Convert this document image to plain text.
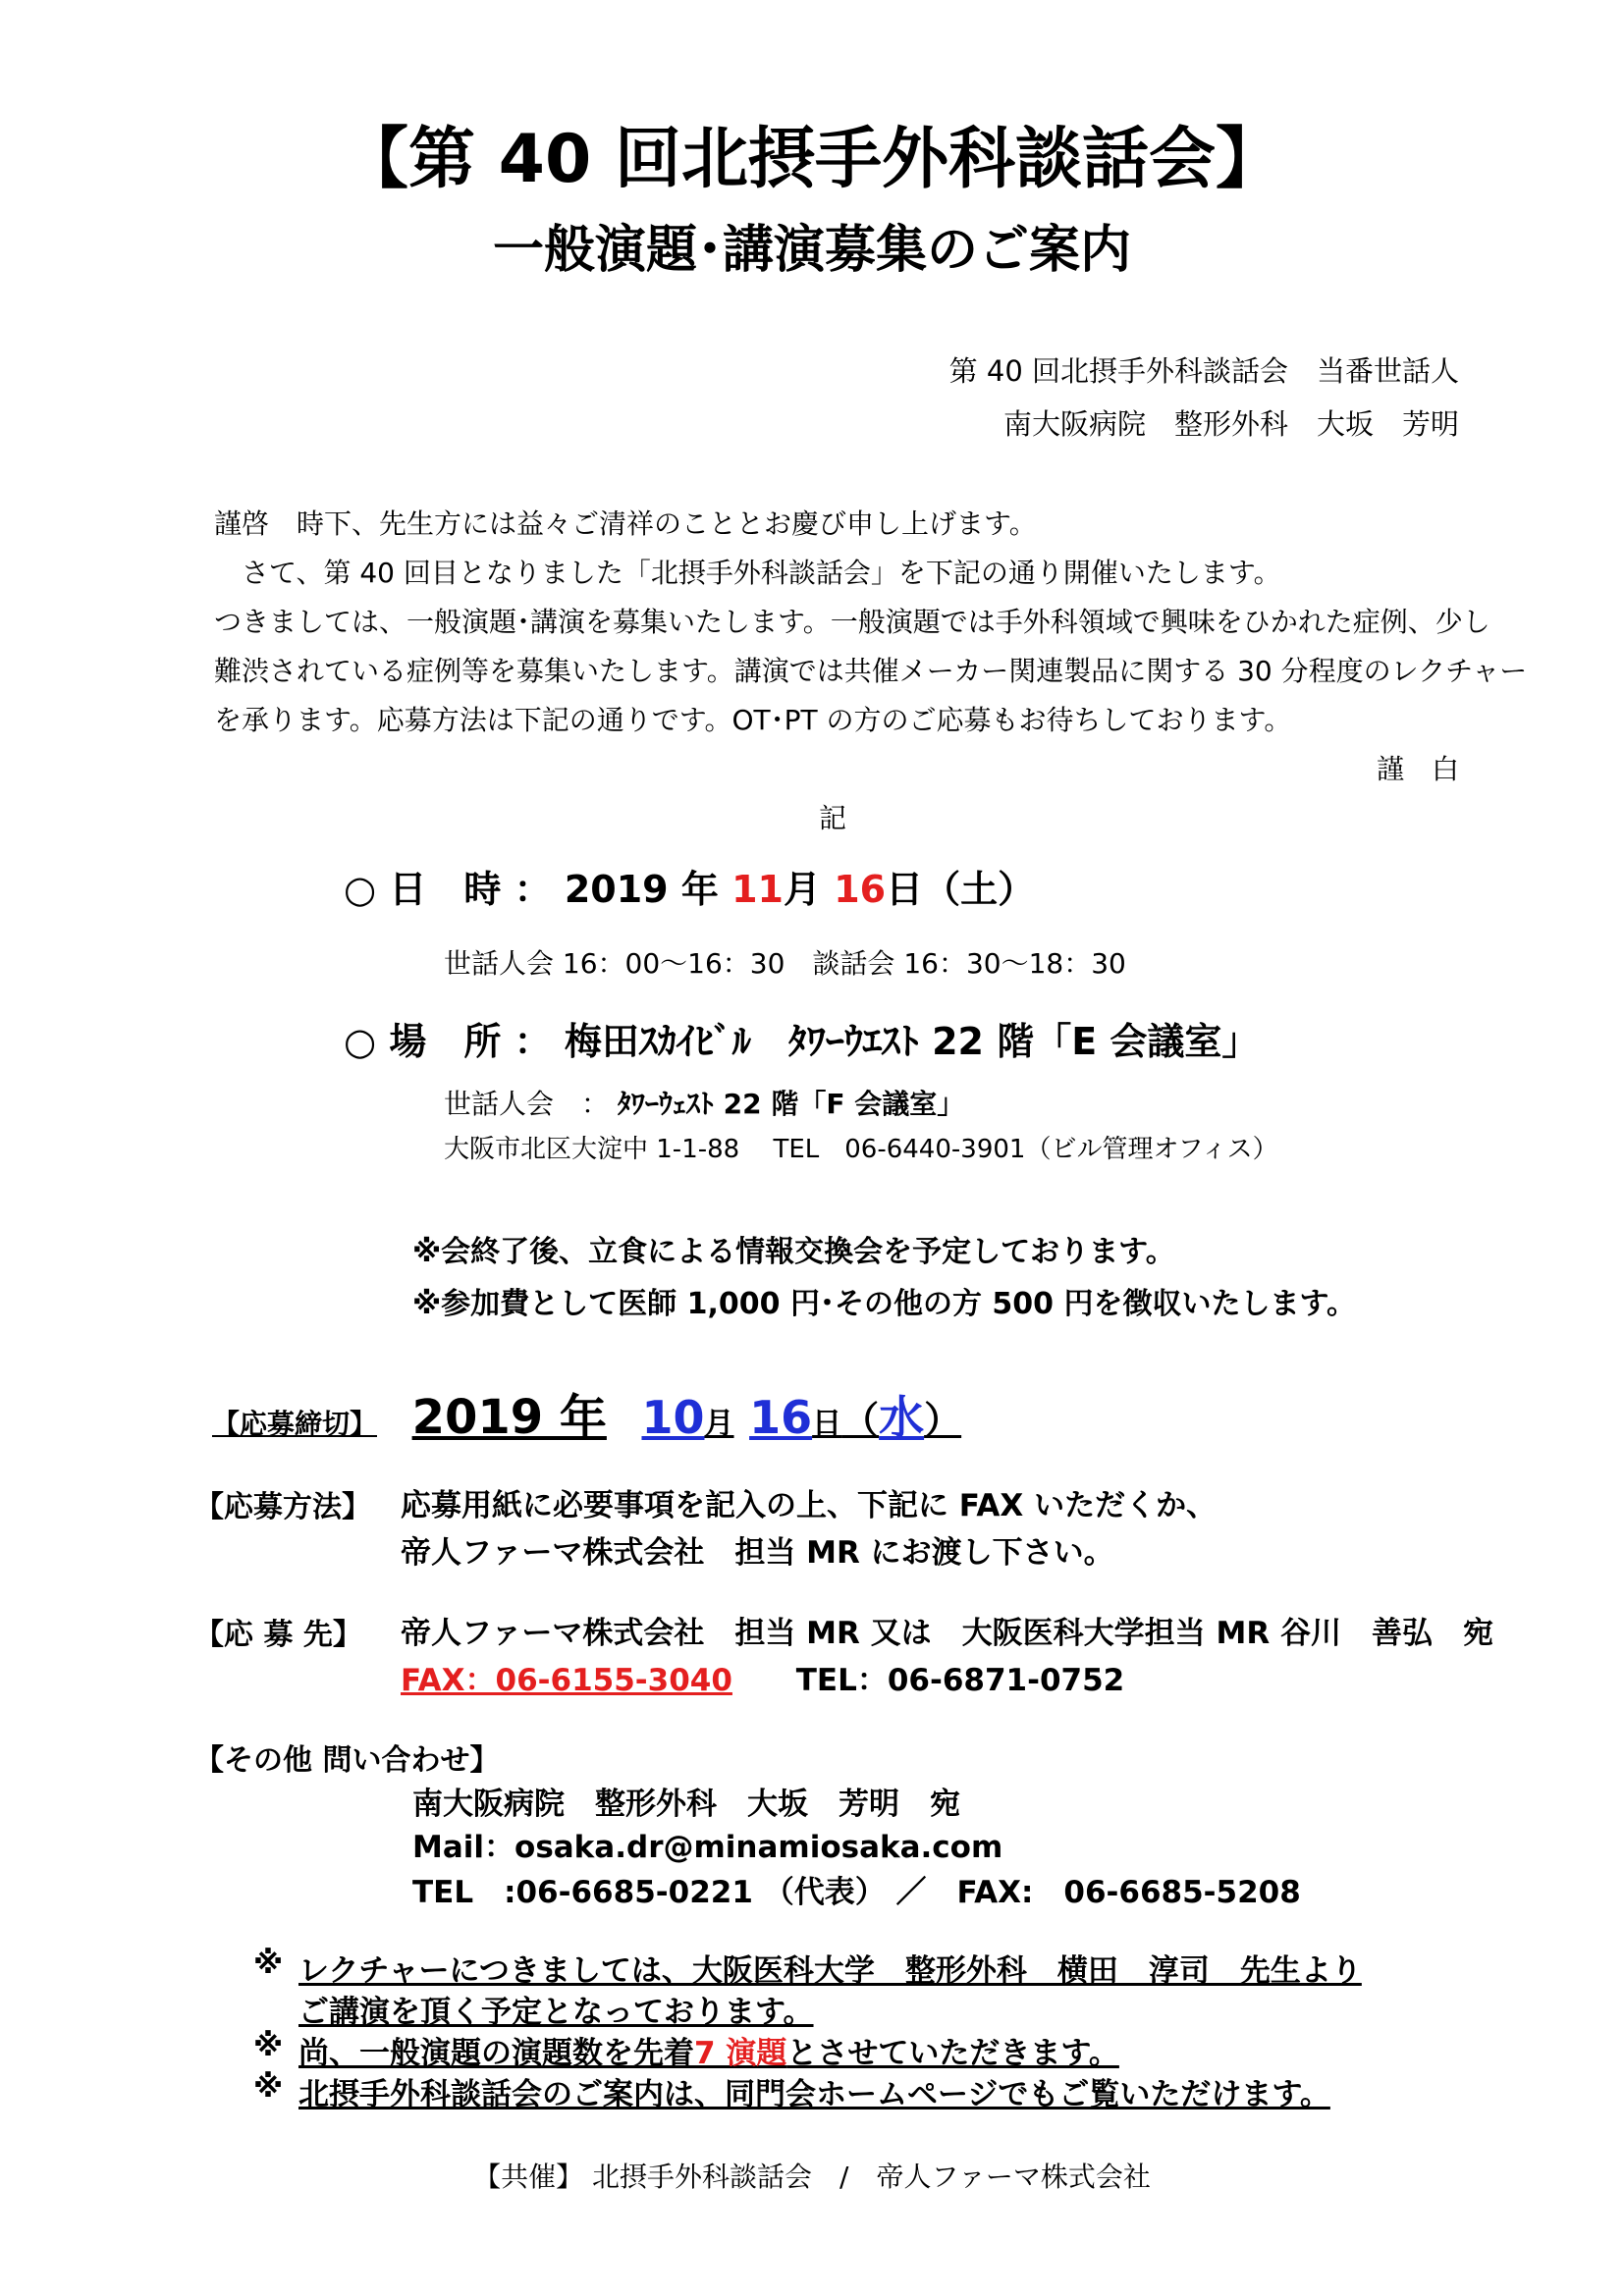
【第 40 回北摂手外科談話会】
一般演題･講演募集のご案内
第 40 回北摂手外科談話会　当番世話人
南大阪病院　整形外科　大坂　芳明
謹啓　時下、先生方には益々ご清祥のこととお慶び申し上げます。
　さて、第 40 回目となりました「北摂手外科談話会」を下記の通り開催いたします。
つきましては、一般演題･講演を募集いたします。一般演題では手外科領域で興味をひかれた症例、少し
難渋されている症例等を募集いたします。講演では共催メーカー関連製品に関する 30 分程度のレクチャー
を承ります。応募方法は下記の通りです。OT･PT の方のご応募もお待ちしております。
謹　白
記
○ 日　時 ： 2019 年 11月 16日（土）
世話人会 16：00～16：30　談話会 16：30～18：30
○ 場　所 ： 梅田ｽｶｲﾋﾞﾙ　ﾀﾜｰｳｴｽﾄ 22 階「E 会議室」
世話人会　： ﾀﾜｰｳｪｽﾄ 22 階「F 会議室」
大阪市北区大淀中 1-1-88　 TEL　06-6440-3901（ビル管理オフィス）
※会終了後、立食による情報交換会を予定しております。
※参加費として医師 1,000 円･その他の方 500 円を徴収いたします。
【応募締切】 2019 年 10月 16日（水）
【応募方法】 応募用紙に必要事項を記入の上、下記に FAX いただくか、
帝人ファーマ株式会社　担当 MR にお渡し下さい。
【応 募 先】 帝人ファーマ株式会社　担当 MR 又は　大阪医科大学担当 MR 谷川　善弘　宛
FAX：06-6155-3040 TEL：06-6871-0752
【その他 問い合わせ】
南大阪病院　整形外科　大坂　芳明　宛
Mail：osaka.dr@minamiosaka.com
TEL　:06-6685-0221 （代表） ／　FAX:　06-6685-5208
※ レクチャーにつきましては、大阪医科大学　整形外科　横田　淳司　先生より
ご講演を頂く予定となっております。
※ 尚、一般演題の演題数を先着7 演題とさせていただきます。
※ 北摂手外科談話会のご案内は、同門会ホームページでもご覧いただけます。
【共催】 北摂手外科談話会　/　帝人ファーマ株式会社
